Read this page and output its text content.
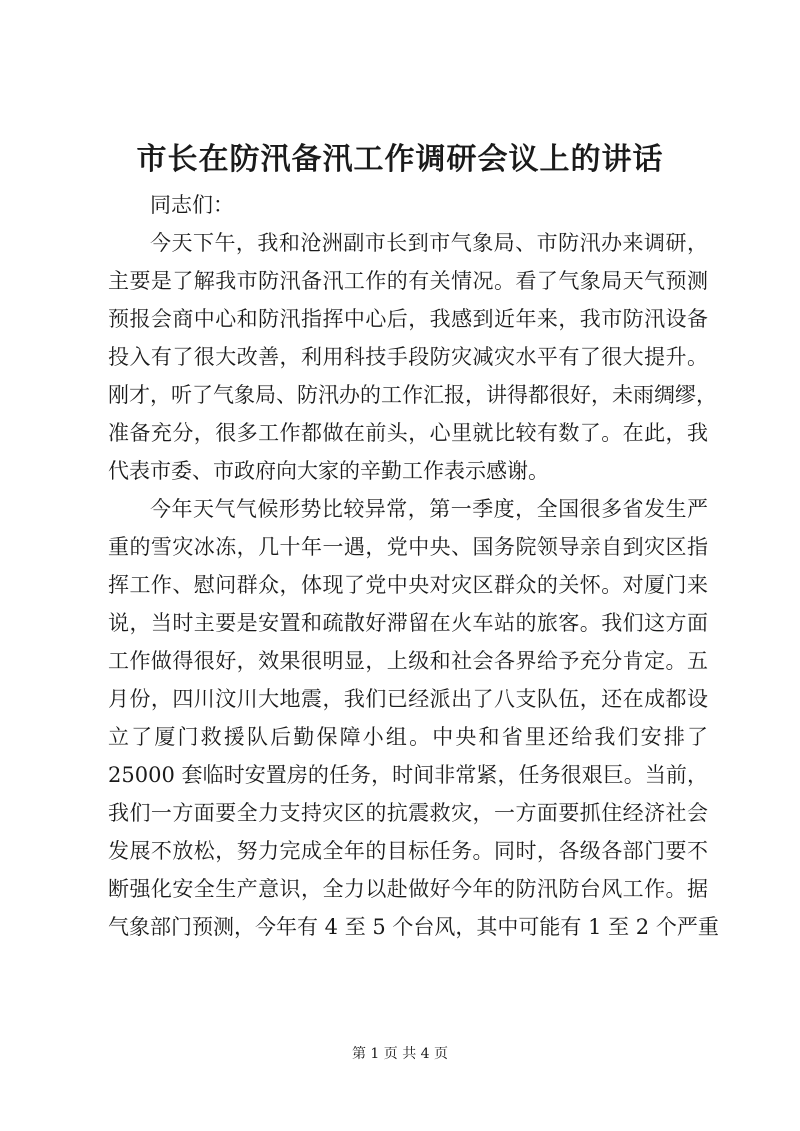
市长在防汛备汛工作调研会议上的讲话

同志们：

今天下午，我和沧洲副市长到市气象局、市防汛办来调研，

主要是了解我市防汛备汛工作的有关情况。看了气象局天气预测

预报会商中心和防汛指挥中心后，我感到近年来，我市防汛设备

投入有了很大改善，利用科技手段防灾减灾水平有了很大提升。

刚才，听了气象局、防汛办的工作汇报，讲得都很好，未雨绸缪，

准备充分，很多工作都做在前头，心里就比较有数了。在此，我

代表市委、市政府向大家的辛勤工作表示感谢。

今年天气气候形势比较异常，第一季度，全国很多省发生严

重的雪灾冰冻，几十年一遇，党中央、国务院领导亲自到灾区指

挥工作、慰问群众，体现了党中央对灾区群众的关怀。对厦门来

说，当时主要是安置和疏散好滞留在火车站的旅客。我们这方面

工作做得很好，效果很明显，上级和社会各界给予充分肯定。五

月份，四川汶川大地震，我们已经派出了八支队伍，还在成都设

立了厦门救援队后勤保障小组。中央和省里还给我们安排了

25000 套临时安置房的任务，时间非常紧，任务很艰巨。当前，

我们一方面要全力支持灾区的抗震救灾，一方面要抓住经济社会

发展不放松，努力完成全年的目标任务。同时，各级各部门要不

断强化安全生产意识，全力以赴做好今年的防汛防台风工作。据

气象部门预测，今年有 4 至 5 个台风，其中可能有 1 至 2 个严重

第 1 页 共 4 页
